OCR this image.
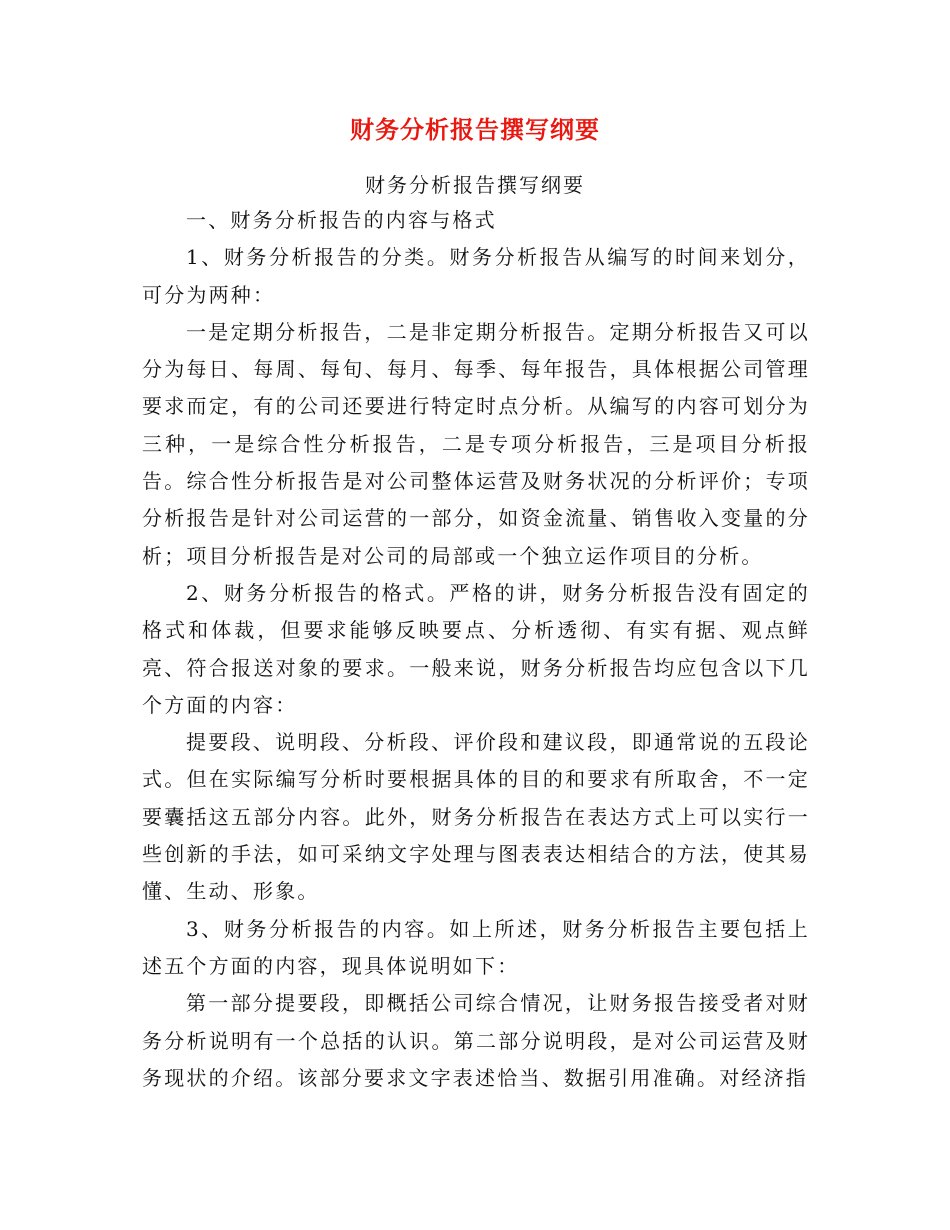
财务分析报告撰写纲要
财务分析报告撰写纲要

一、财务分析报告的内容与格式

1、财务分析报告的分类。财务分析报告从编写的时间来划分，可分为两种：

一是定期分析报告，二是非定期分析报告。定期分析报告又可以分为每日、每周、每旬、每月、每季、每年报告，具体根据公司管理要求而定，有的公司还要进行特定时点分析。从编写的内容可划分为三种，一是综合性分析报告，二是专项分析报告，三是项目分析报告。综合性分析报告是对公司整体运营及财务状况的分析评价；专项分析报告是针对公司运营的一部分，如资金流量、销售收入变量的分析；项目分析报告是对公司的局部或一个独立运作项目的分析。

2、财务分析报告的格式。严格的讲，财务分析报告没有固定的格式和体裁，但要求能够反映要点、分析透彻、有实有据、观点鲜亮、符合报送对象的要求。一般来说，财务分析报告均应包含以下几个方面的内容：

提要段、说明段、分析段、评价段和建议段，即通常说的五段论式。但在实际编写分析时要根据具体的目的和要求有所取舍，不一定要囊括这五部分内容。此外，财务分析报告在表达方式上可以实行一些创新的手法，如可采纳文字处理与图表表达相结合的方法，使其易懂、生动、形象。

3、财务分析报告的内容。如上所述，财务分析报告主要包括上述五个方面的内容，现具体说明如下：

第一部分提要段，即概括公司综合情况，让财务报告接受者对财务分析说明有一个总括的认识。第二部分说明段，是对公司运营及财务现状的介绍。该部分要求文字表述恰当、数据引用准确。对经济指
